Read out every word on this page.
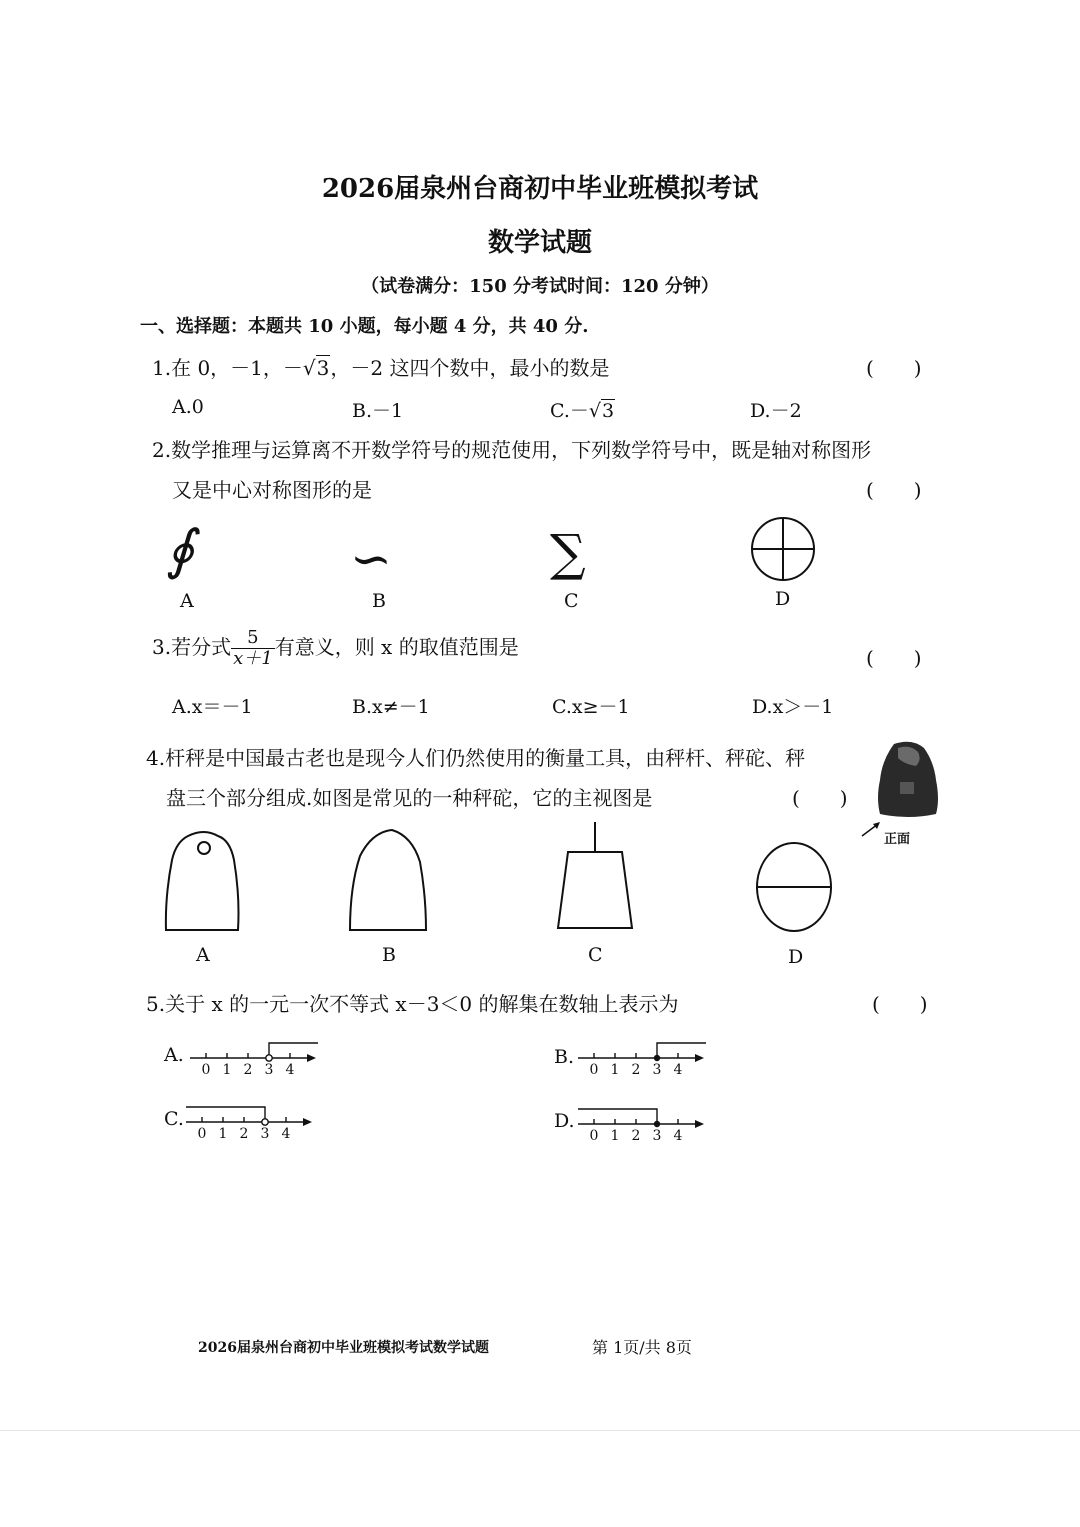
2026届泉州台商初中毕业班模拟考试
数学试题
（试卷满分：150 分考试时间：120 分钟）
一、选择题：本题共 10 小题，每小题 4 分，共 40 分.
1.在 0，－1，－√3，－2 这四个数中，最小的数是	(　　)
A.0	B.－1	C.－√3	D.－2
2.数学推理与运算离不开数学符号的规范使用，下列数学符号中，既是轴对称图形
又是中心对称图形的是	(　　)
∮	∽	∑
A	B	C	D
3.若分式 $\frac{5}{x+1}$ 有意义，则 x 的取值范围是	(　　)
A.x＝－1	B.x≠－1	C.x≥－1	D.x＞－1
4.杆秤是中国最古老也是现今人们仍然使用的衡量工具，由秤杆、秤砣、秤
盘三个部分组成.如图是常见的一种秤砣，它的主视图是	(　　)
正面
A	B	C	D
5.关于 x 的一元一次不等式 x－3＜0 的解集在数轴上表示为	(　　)
A.	B.
C.	D.
0 1 2 3 4	0 1 2 3 4
0 1 2 3 4	0 1 2 3 4
2026届泉州台商初中毕业班模拟考试数学试题	第 1页/共 8页
